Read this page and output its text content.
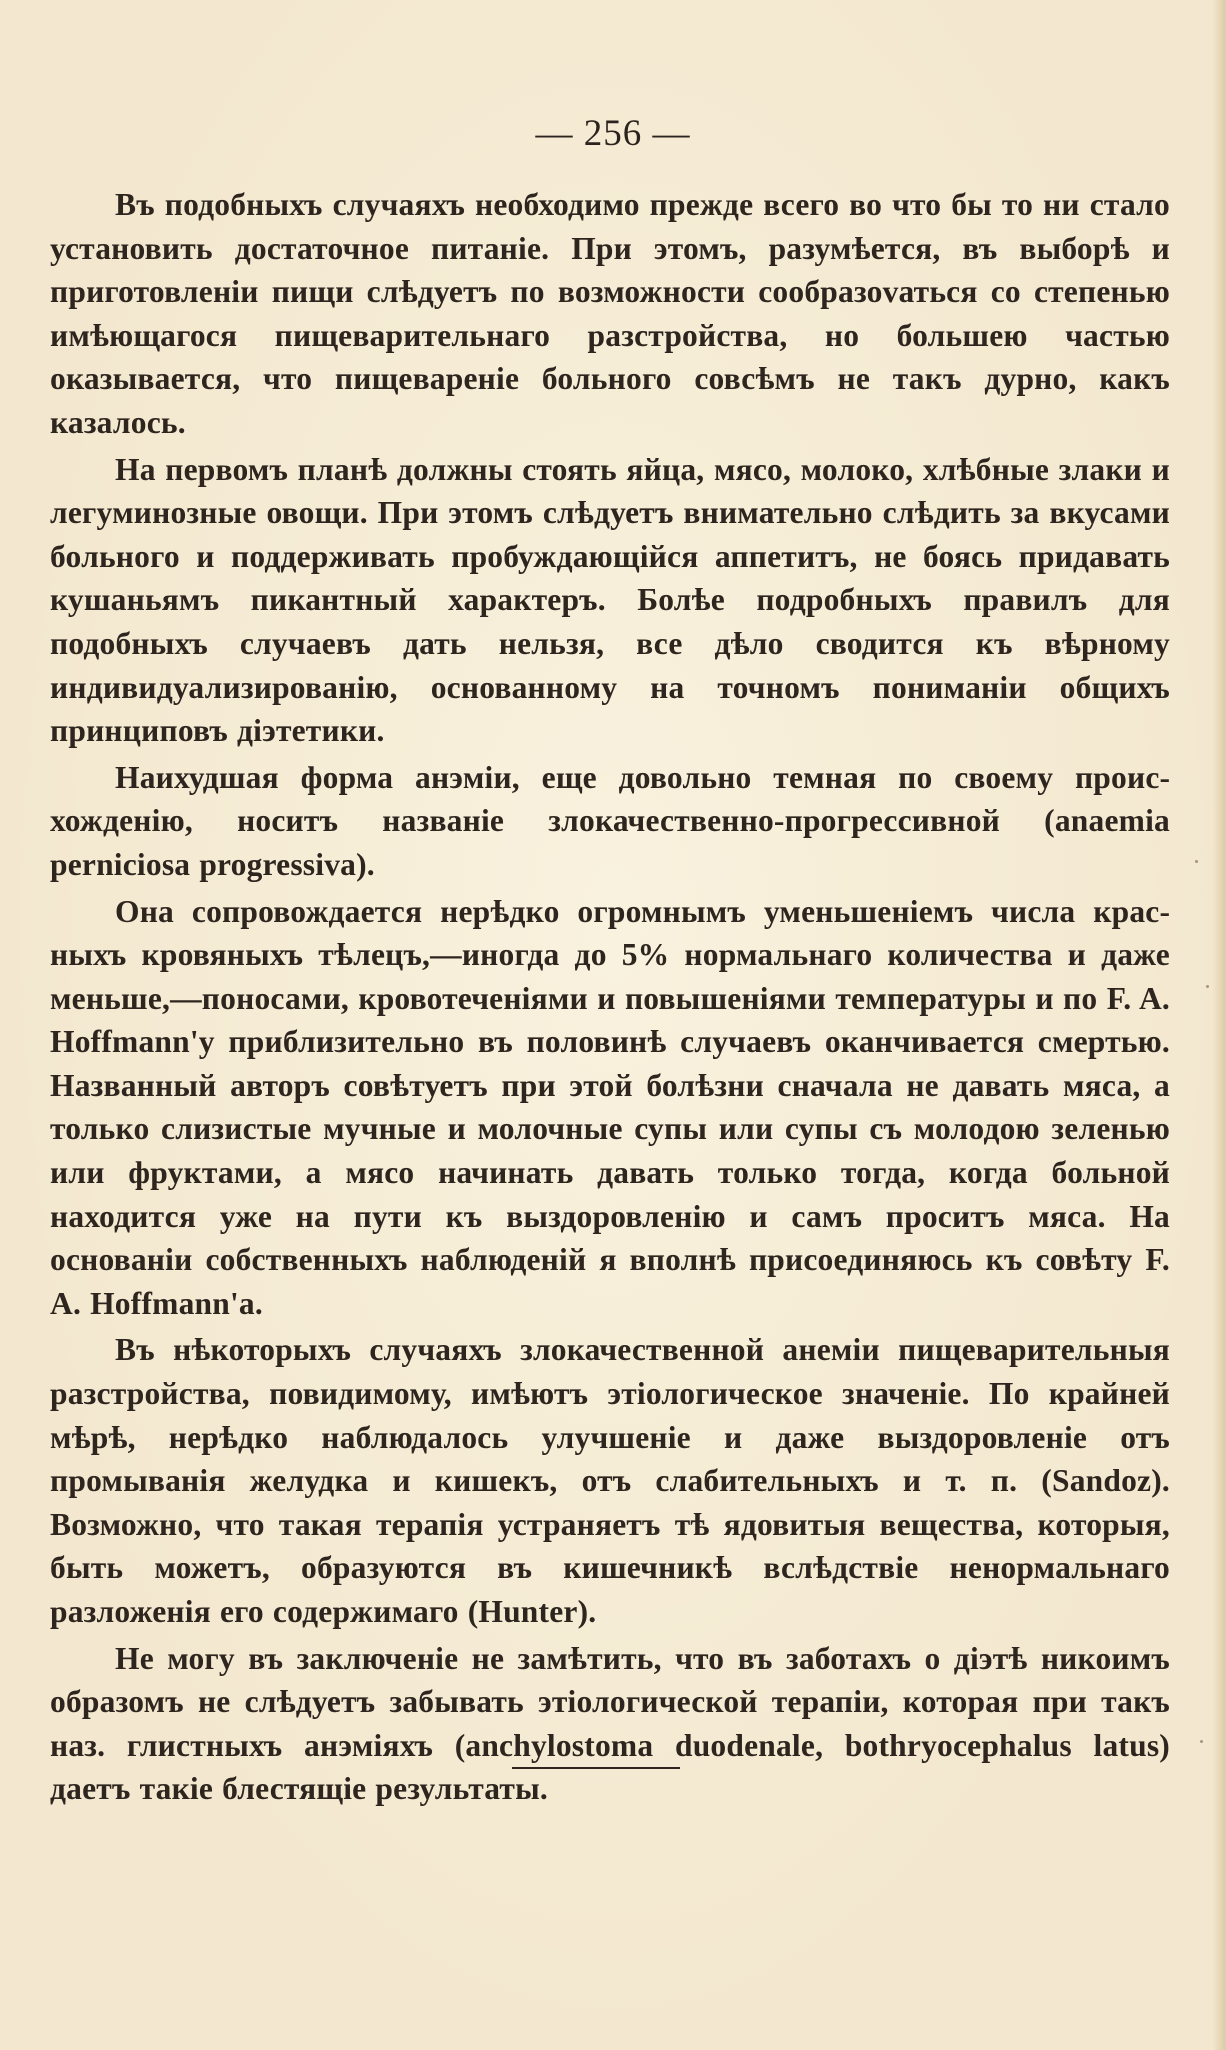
— 256 —

Въ подобныхъ случаяхъ необходимо прежде всего во что бы то ни стало установить достаточное питаніе. При этомъ, разумѣется, въ выборѣ и приготовленіи пищи слѣдуетъ по возможности сообразоvаться со степенью имѣющагося пищеварительнаго разстройства, но большею частью оказывается, что пищевареніе больного совсѣмъ не такъ дурно, какъ казалось.

На первомъ планѣ должны стоять яйца, мясо, молоко, хлѣбные злаки и легуминозные овощи. При этомъ слѣдуетъ внимательно слѣдить за вкусами больного и поддерживать пробуждающійся аппетитъ, не боясь придавать кушаньямъ пикантный характеръ. Болѣе подробныхъ правилъ для подобныхъ случаевъ дать нельзя, все дѣло сводится къ вѣрному индивидуализированію, основанному на точномъ пониманіи общихъ принциповъ діэтетики.

Наихудшая форма анэміи, еще довольно темная по своему происхожденію, носитъ названіе злокачественно-прогрессивной (anaemia perniciosa progressiva).

Она сопровождается нерѣдко огромнымъ уменьшеніемъ числа красныхъ кровяныхъ тѣлецъ,—иногда до 5% нормальнаго количества и даже меньше,—поносами, кровотеченіями и повышеніями температуры и по F. A. Hoffmann'у приблизительно въ половинѣ случаевъ оканчивается смертью. Названный авторъ совѣтуетъ при этой болѣзни сначала не давать мяса, а только слизистые мучные и молочные супы или супы съ молодою зеленью или фруктами, а мясо начинать давать только тогда, когда больной находится уже на пути къ выздоровленію и самъ проситъ мяса. На основаніи собственныхъ наблюденій я вполнѣ присоединяюсь къ совѣту F. A. Hoffmann'a.

Въ нѣкоторыхъ случаяхъ злокачественной анеміи пищеварительныя разстройства, повидимому, имѣютъ этіологическое значеніе. По крайней мѣрѣ, нерѣдко наблюдалось улучшеніе и даже выздоровленіе отъ промыванія желудка и кишекъ, отъ слабительныхъ и т. п. (Sandoz). Возможно, что такая терапія устраняетъ тѣ ядовитыя вещества, которыя, быть можетъ, образуются въ кишечникѣ вслѣдствіе ненормальнаго разложенія его содержимаго (Hunter).

Не могу въ заключеніе не замѣтить, что въ заботахъ о діэтѣ никоимъ образомъ не слѣдуетъ забывать этіологической терапіи, которая при такъ наз. глистныхъ анэміяхъ (anchylostoma duodenale, bothryocephalus latus) даетъ такіе блестящіе результаты.
